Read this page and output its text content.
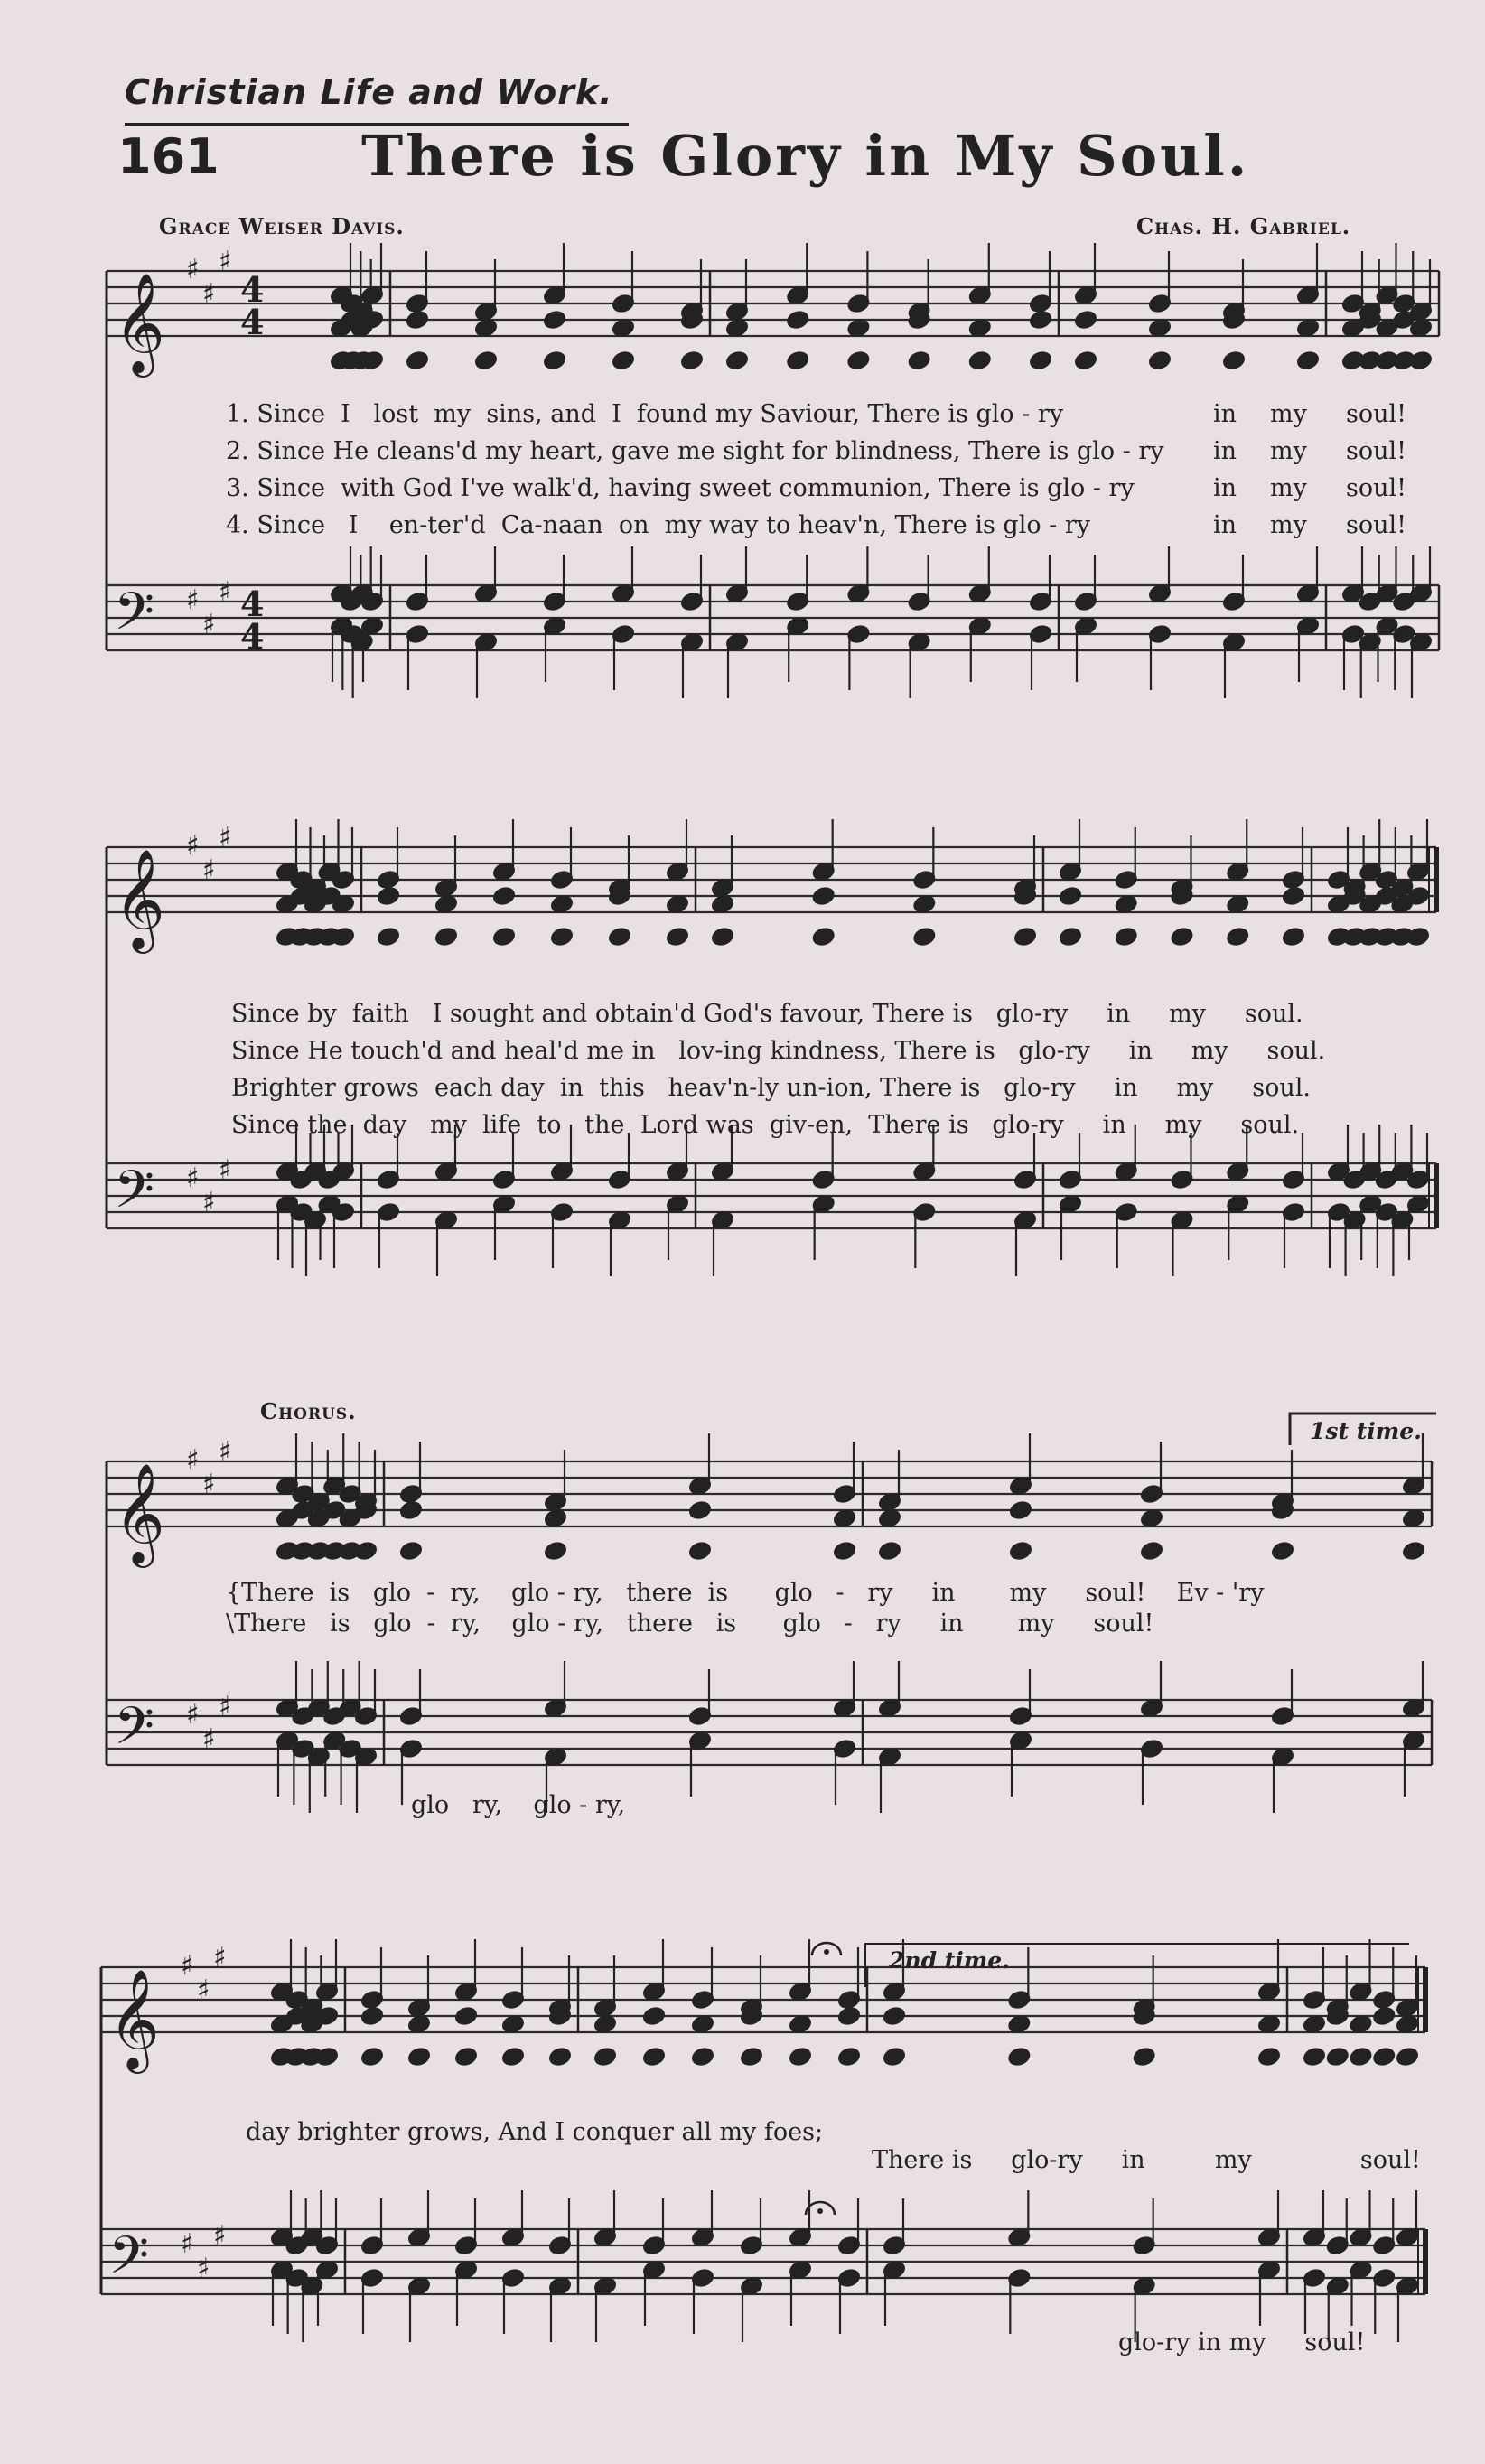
Christian Life and Work.
161	There is Glory in My Soul.
Grace Weiser Davis.	Chas. H. Gabriel.
𝄞
𝄢
♯
♯
♯
♯
♯
♯
4
4
4
4
𝄞
𝄢
♯
♯
♯
♯
♯
♯
𝄞
𝄢
♯
♯
♯
♯
♯
♯
𝄞
𝄢
♯
♯
♯
♯
♯
♯
1. Since  I   lost  my  sins, and  I  found my Saviour, There is glo - ry	in my soul!
2. Since He cleans'd my heart, gave me sight for blindness, There is glo - ry in my soul!
3. Since  with God I've walk'd, having sweet communion, There is glo - ry	in my soul!
4. Since   I    en-ter'd  Ca-naan  on  my way to heav'n, There is glo - ry	in my soul!
Since by  faith   I sought and obtain'd God's favour, There is   glo-ry     in     my     soul.
Since He touch'd and heal'd me in   lov-ing kindness, There is   glo-ry     in     my     soul.
Brighter grows  each day  in  this   heav'n-ly un-ion, There is   glo-ry     in     my     soul.
Since the  day   my  life  to   the  Lord was  giv-en,  There is   glo-ry     in     my     soul.
Chorus.
1st time.
{There  is   glo  -  ry,    glo - ry,   there  is      glo   -   ry     in       my     soul!    Ev - 'ry
\There   is   glo  -  ry,    glo - ry,   there   is      glo   -   ry     in       my     soul!
glo   ry,    glo - ry,
2nd time.
day brighter grows, And I conquer all my foes;
There is     glo-ry     in         my              soul!
glo-ry in my     soul!
